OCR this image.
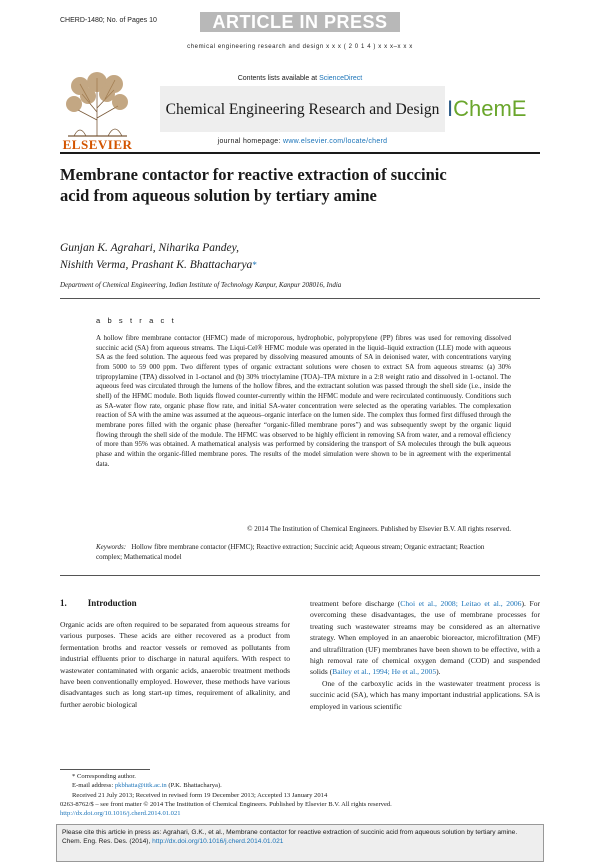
CHERD-1480; No. of Pages 10	ARTICLE IN PRESS
chemical engineering research and design x x x ( 2 0 1 4 ) x x x–x x x
ELSEVIER
Contents lists available at ScienceDirect
Chemical Engineering Research and Design
journal homepage: www.elsevier.com/locate/cherd
IChemE
Membrane contactor for reactive extraction of succinic acid from aqueous solution by tertiary amine
Gunjan K. Agrahari, Niharika Pandey,
Nishith Verma, Prashant K. Bhattacharya*
Department of Chemical Engineering, Indian Institute of Technology Kanpur, Kanpur 208016, India
a b s t r a c t
A hollow fibre membrane contactor (HFMC) made of microporous, hydrophobic, polypropylene (PP) fibres was used for removing dissolved succinic acid (SA) from aqueous streams. The Liqui-Cel® HFMC module was operated in the liquid–liquid extraction (LLE) mode with aqueous SA as the feed solution. The aqueous feed was prepared by dissolving measured amounts of SA in deionised water, with concentrations varying from 5000 to 59 000 ppm. Two different types of organic extractant solutions were chosen to extract SA from aqueous streams: (a) 30% tripropylamine (TPA) dissolved in 1-octanol and (b) 30% trioctylamine (TOA)–TPA mixture in a 2:8 weight ratio and dissolved in 1-octanol. The aqueous feed was circulated through the lumens of the hollow fibres, and the extractant solution was passed through the shell side (i.e., inside the shell) of the HFMC module. Both liquids flowed counter-currently within the HFMC module and were recirculated continuously. Conditions such as SA-water flow rate, organic phase flow rate, and initial SA-water concentration were selected as the operating variables. The complexation reaction of SA with the amine was assumed at the aqueous–organic interface on the lumen side. The complex thus formed first diffused through the membrane pores filled with the organic phase (hereafter “organic-filled membrane pores”) and was subsequently swept by the organic liquid flowing through the shell side of the module. The HFMC was observed to be highly efficient in removing SA from water, and a removal efficiency of more than 95% was obtained. A mathematical analysis was performed by considering the transport of SA molecules through the bulk aqueous phase and within the organic-filled membrane pores. The results of the model simulation were shown to be in agreement with the experimental data.
© 2014 The Institution of Chemical Engineers. Published by Elsevier B.V. All rights reserved.
Keywords: Hollow fibre membrane contactor (HFMC); Reactive extraction; Succinic acid; Aqueous stream; Organic extractant; Reaction complex; Mathematical model
1. Introduction
Organic acids are often required to be separated from aqueous streams for various purposes. These acids are either recovered as a product from fermentation broths and reactor vessels or removed as pollutants from industrial effluents prior to discharge in natural aquifers. With respect to wastewater contaminated with organic acids, anaerobic treatment methods have been conventionally employed. However, these methods have various disadvantages such as long start-up times, requirement of alkalinity, and further aerobic biological
treatment before discharge (Choi et al., 2008; Leitao et al., 2006). For overcoming these disadvantages, the use of membrane processes for treating such wastewater streams may be considered as an alternative strategy. When employed in an anaerobic bioreactor, microfiltration (MF) and ultrafiltration (UF) membranes have been shown to be effective, with a high removal rate of chemical oxygen demand (COD) and suspended solids (Bailey et al., 1994; He et al., 2005).
One of the carboxylic acids in the wastewater treatment process is succinic acid (SA), which has many important industrial applications. SA is employed in various scientific
* Corresponding author.
E-mail address: pkbhatta@iitk.ac.in (P.K. Bhattacharya).
Received 21 July 2013; Received in revised form 19 December 2013; Accepted 13 January 2014
0263-8762/$ – see front matter © 2014 The Institution of Chemical Engineers. Published by Elsevier B.V. All rights reserved.
http://dx.doi.org/10.1016/j.cherd.2014.01.021
Please cite this article in press as: Agrahari, G.K., et al., Membrane contactor for reactive extraction of succinic acid from aqueous solution by tertiary amine. Chem. Eng. Res. Des. (2014), http://dx.doi.org/10.1016/j.cherd.2014.01.021
